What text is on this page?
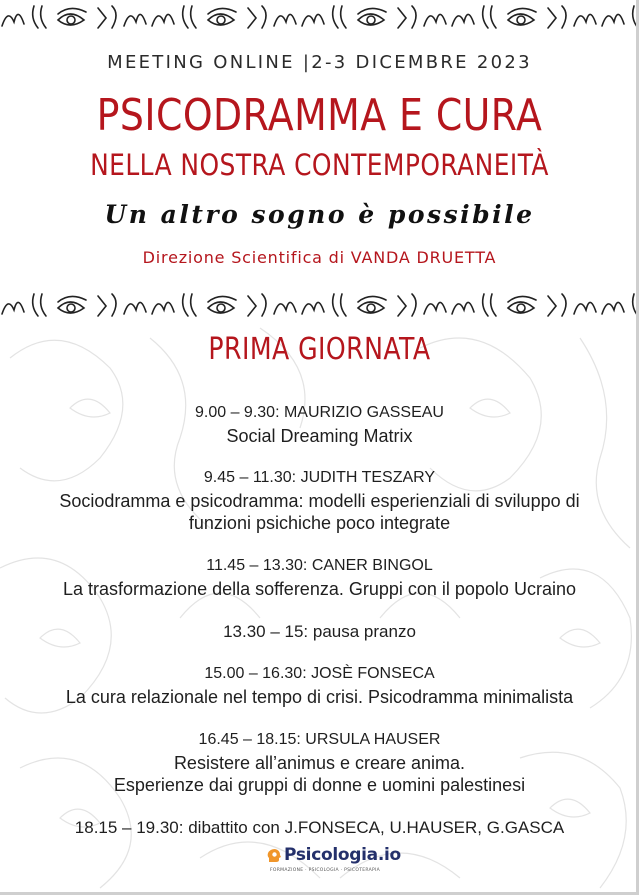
MEETING ONLINE |2-3 DICEMBRE 2023
PSICODRAMMA E CURA
NELLA NOSTRA CONTEMPORANEITÀ
Un altro sogno è possibile
Direzione Scientifica di VANDA DRUETTA
PRIMA GIORNATA
9.00 – 9.30: MAURIZIO GASSEAU
Social Dreaming Matrix
9.45 – 11.30: JUDITH TESZARY
Sociodramma e psicodramma: modelli esperienziali di sviluppo di
funzioni psichiche poco integrate
11.45 – 13.30: CANER BINGOL
La trasformazione della sofferenza. Gruppi con il popolo Ucraino
13.30 – 15: pausa pranzo
15.00 – 16.30: JOSÈ FONSECA
La cura relazionale nel tempo di crisi. Psicodramma minimalista
16.45 – 18.15: URSULA HAUSER
Resistere all’animus e creare anima.
Esperienze dai gruppi di donne e uomini palestinesi
18.15 – 19.30: dibattito con J.FONSECA, U.HAUSER, G.GASCA
Psicologia.io
FORMAZIONE · PSICOLOGIA · PSICOTERAPIA
